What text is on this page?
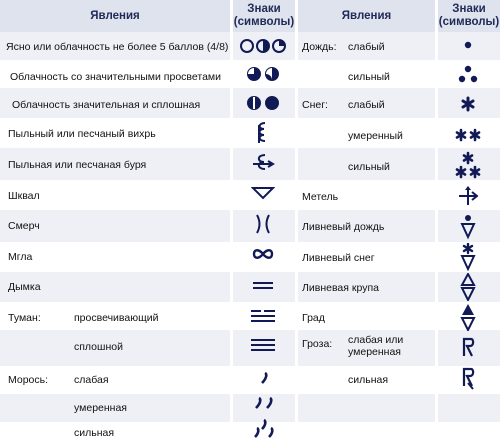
Явления
Знаки
(символы)
Явления
Знаки
(символы)
Ясно или облачность не более 5 баллов (4/8)
Облачность со значительными просветами
Облачность значительная и сплошная
Пыльный или песчаный вихрь
Пыльная или песчаная буря
Шквал
Смерч
Мгла
Дымка
Туман:	просвечивающий
сплошной
Морось: слабая
умеренная
сильная
Дождь: слабый
сильный
Снег: слабый
умеренный
сильный
Метель
Ливневый дождь
Ливневый снег
Ливневая крупа
Град
Гроза: слабая или
умеренная
сильная
